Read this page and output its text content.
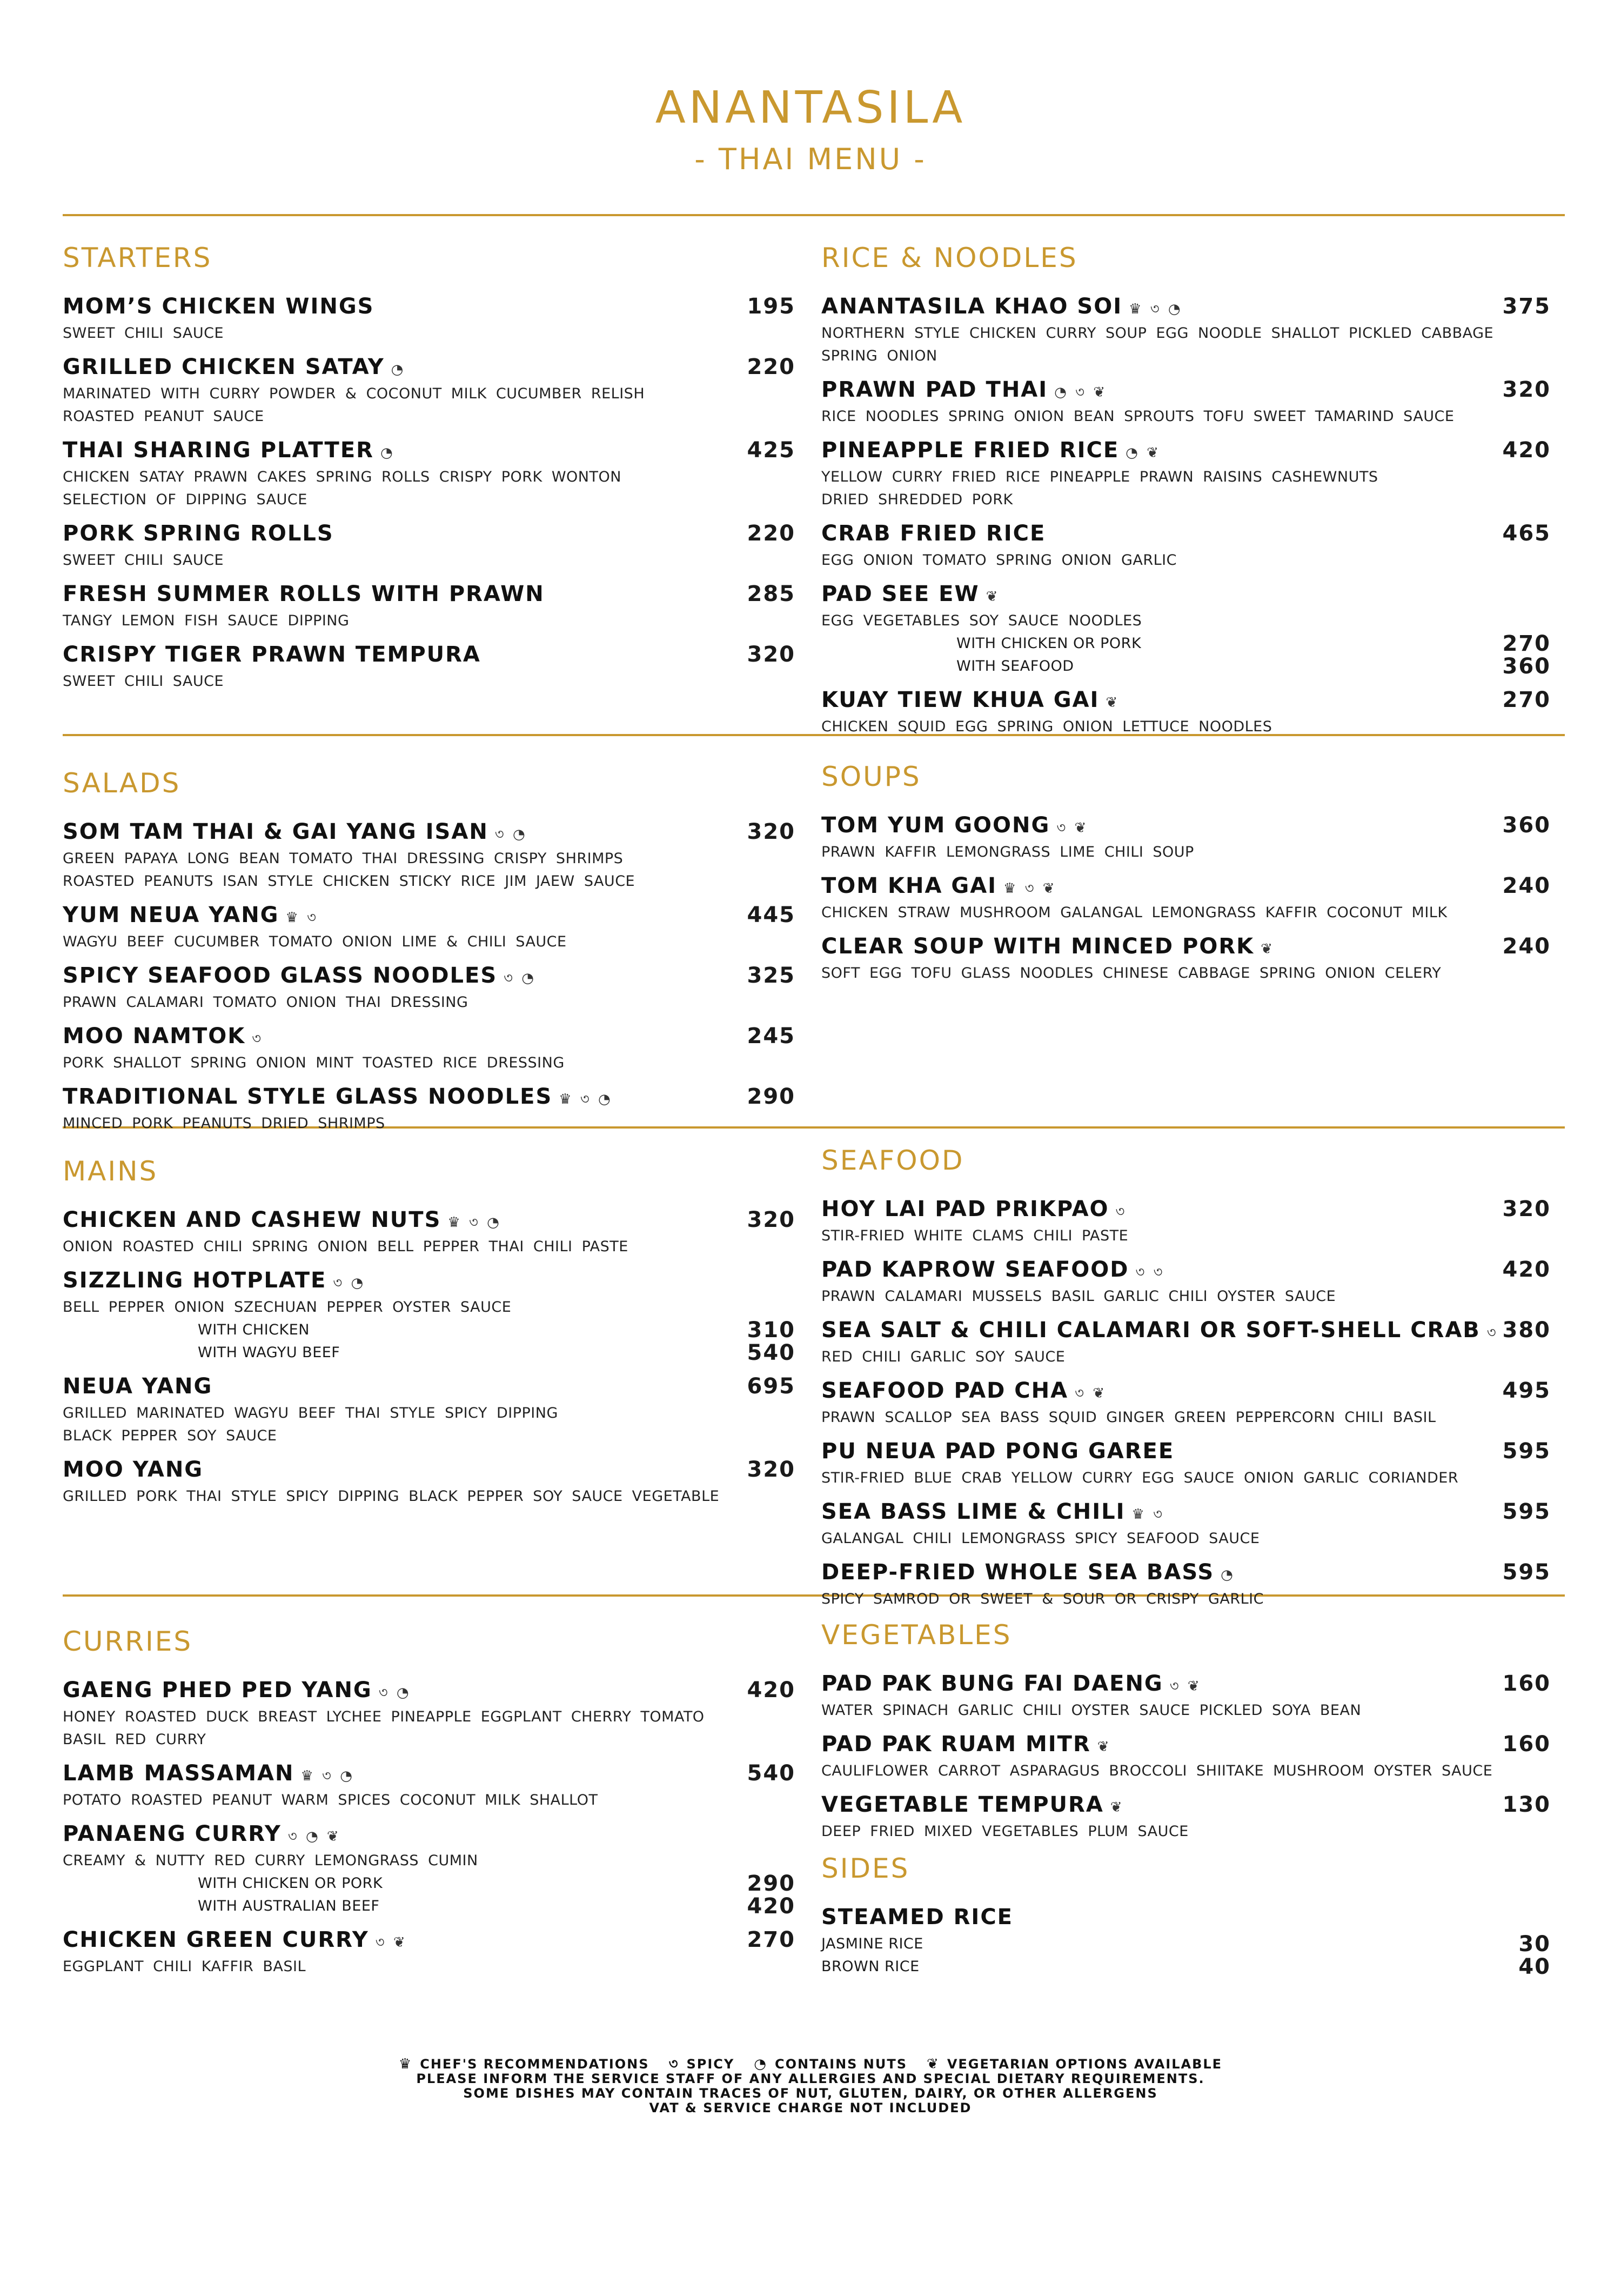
ANANTASILA
- THAI MENU -
STARTERS
MOM’S CHICKEN WINGS	195
SWEET CHILI SAUCE
GRILLED CHICKEN SATAY ◔	220
MARINATED WITH CURRY POWDER & COCONUT MILK CUCUMBER RELISH
ROASTED PEANUT SAUCE
THAI SHARING PLATTER ◔	425
CHICKEN SATAY PRAWN CAKES SPRING ROLLS CRISPY PORK WONTON
SELECTION OF DIPPING SAUCE
PORK SPRING ROLLS	220
SWEET CHILI SAUCE
FRESH SUMMER ROLLS WITH PRAWN	285
TANGY LEMON FISH SAUCE DIPPING
CRISPY TIGER PRAWN TEMPURA	320
SWEET CHILI SAUCE
RICE & NOODLES
ANANTASILA KHAO SOI ♛ ৩ ◔	375
NORTHERN STYLE CHICKEN CURRY SOUP EGG NOODLE SHALLOT PICKLED CABBAGE
SPRING ONION
PRAWN PAD THAI ◔ ৩ ❦	320
RICE NOODLES SPRING ONION BEAN SPROUTS TOFU SWEET TAMARIND SAUCE
PINEAPPLE FRIED RICE ◔ ❦	420
YELLOW CURRY FRIED RICE PINEAPPLE PRAWN RAISINS CASHEWNUTS
DRIED SHREDDED PORK
CRAB FRIED RICE	465
EGG ONION TOMATO SPRING ONION GARLIC
PAD SEE EW ❦
EGG VEGETABLES SOY SAUCE NOODLES
WITH CHICKEN OR PORK	270
WITH SEAFOOD	360
KUAY TIEW KHUA GAI ❦	270
CHICKEN SQUID EGG SPRING ONION LETTUCE NOODLES
SALADS
SOM TAM THAI & GAI YANG ISAN ৩ ◔	320
GREEN PAPAYA LONG BEAN TOMATO THAI DRESSING CRISPY SHRIMPS
ROASTED PEANUTS ISAN STYLE CHICKEN STICKY RICE JIM JAEW SAUCE
YUM NEUA YANG ♛ ৩	445
WAGYU BEEF CUCUMBER TOMATO ONION LIME & CHILI SAUCE
SPICY SEAFOOD GLASS NOODLES ৩ ◔	325
PRAWN CALAMARI TOMATO ONION THAI DRESSING
MOO NAMTOK ৩	245
PORK SHALLOT SPRING ONION MINT TOASTED RICE DRESSING
TRADITIONAL STYLE GLASS NOODLES ♛ ৩ ◔	290
MINCED PORK PEANUTS DRIED SHRIMPS
SOUPS
TOM YUM GOONG ৩ ❦	360
PRAWN KAFFIR LEMONGRASS LIME CHILI SOUP
TOM KHA GAI ♛ ৩ ❦	240
CHICKEN STRAW MUSHROOM GALANGAL LEMONGRASS KAFFIR COCONUT MILK
CLEAR SOUP WITH MINCED PORK ❦	240
SOFT EGG TOFU GLASS NOODLES CHINESE CABBAGE SPRING ONION CELERY
MAINS
CHICKEN AND CASHEW NUTS ♛ ৩ ◔	320
ONION ROASTED CHILI SPRING ONION BELL PEPPER THAI CHILI PASTE
SIZZLING HOTPLATE ৩ ◔
BELL PEPPER ONION SZECHUAN PEPPER OYSTER SAUCE
WITH CHICKEN	310
WITH WAGYU BEEF	540
NEUA YANG	695
GRILLED MARINATED WAGYU BEEF THAI STYLE SPICY DIPPING
BLACK PEPPER SOY SAUCE
MOO YANG	320
GRILLED PORK THAI STYLE SPICY DIPPING BLACK PEPPER SOY SAUCE VEGETABLE
SEAFOOD
HOY LAI PAD PRIKPAO ৩	320
STIR-FRIED WHITE CLAMS CHILI PASTE
PAD KAPROW SEAFOOD ৩ ৩	420
PRAWN CALAMARI MUSSELS BASIL GARLIC CHILI OYSTER SAUCE
SEA SALT & CHILI CALAMARI OR SOFT-SHELL CRAB ৩ 380
RED CHILI GARLIC SOY SAUCE
SEAFOOD PAD CHA ৩ ❦	495
PRAWN SCALLOP SEA BASS SQUID GINGER GREEN PEPPERCORN CHILI BASIL
PU NEUA PAD PONG GAREE	595
STIR-FRIED BLUE CRAB YELLOW CURRY EGG SAUCE ONION GARLIC CORIANDER
SEA BASS LIME & CHILI ♛ ৩	595
GALANGAL CHILI LEMONGRASS SPICY SEAFOOD SAUCE
DEEP-FRIED WHOLE SEA BASS ◔	595
SPICY SAMROD OR SWEET & SOUR OR CRISPY GARLIC
CURRIES
GAENG PHED PED YANG ৩ ◔	420
HONEY ROASTED DUCK BREAST LYCHEE PINEAPPLE EGGPLANT CHERRY TOMATO
BASIL RED CURRY
LAMB MASSAMAN ♛ ৩ ◔	540
POTATO ROASTED PEANUT WARM SPICES COCONUT MILK SHALLOT
PANAENG CURRY ৩ ◔ ❦
CREAMY & NUTTY RED CURRY LEMONGRASS CUMIN
WITH CHICKEN OR PORK	290
WITH AUSTRALIAN BEEF	420
CHICKEN GREEN CURRY ৩ ❦	270
EGGPLANT CHILI KAFFIR BASIL
VEGETABLES
PAD PAK BUNG FAI DAENG ৩ ❦	160
WATER SPINACH GARLIC CHILI OYSTER SAUCE PICKLED SOYA BEAN
PAD PAK RUAM MITR ❦	160
CAULIFLOWER CARROT ASPARAGUS BROCCOLI SHIITAKE MUSHROOM OYSTER SAUCE
VEGETABLE TEMPURA ❦	130
DEEP FRIED MIXED VEGETABLES PLUM SAUCE
SIDES
STEAMED RICE
JASMINE RICE	30
BROWN RICE	40
♛ CHEF'S RECOMMENDATIONS ৩ SPICY ◔ CONTAINS NUTS ❦ VEGETARIAN OPTIONS AVAILABLE
PLEASE INFORM THE SERVICE STAFF OF ANY ALLERGIES AND SPECIAL DIETARY REQUIREMENTS.
SOME DISHES MAY CONTAIN TRACES OF NUT, GLUTEN, DAIRY, OR OTHER ALLERGENS
VAT & SERVICE CHARGE NOT INCLUDED
